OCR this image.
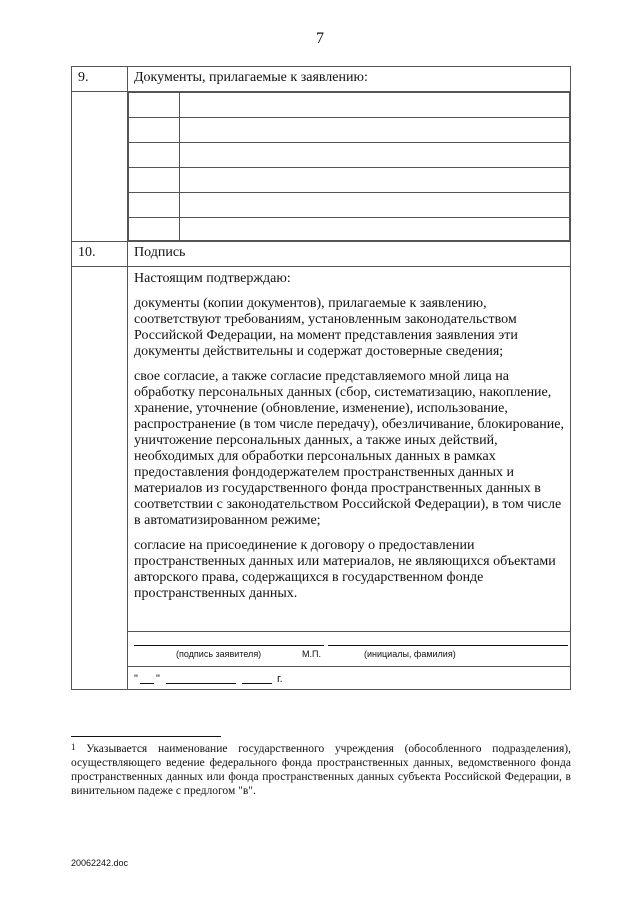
7
9.	Документы, прилагаемые к заявлению:

10.	Подпись

Настоящим подтверждаю:

документы (копии документов), прилагаемые к заявлению, соответствуют требованиям, установленным законодательством Российской Федерации, на момент представления заявления эти документы действительны и содержат достоверные сведения;

свое согласие, а также согласие представляемого мной лица на обработку персональных данных (сбор, систематизацию, накопление, хранение, уточнение (обновление, изменение), использование, распространение (в том числе передачу), обезличивание, блокирование, уничтожение персональных данных, а также иных действий, необходимых для обработки персональных данных в рамках предоставления фондодержателем пространственных данных и материалов из государственного фонда пространственных данных в соответствии с законодательством Российской Федерации), в том числе в автоматизированном режиме;

согласие на присоединение к договору о предоставлении пространственных данных или материалов, не являющихся объектами авторского права, содержащихся в государственном фонде пространственных данных.

(подпись заявителя)	М.П.	(инициалы, фамилия)

" "	г.
$^1$ Указывается наименование государственного учреждения (обособленного подразделения), осуществляющего ведение федерального фонда пространственных данных, ведомственного фонда пространственных данных или фонда пространственных данных субъекта Российской Федерации, в винительном падеже с предлогом "в".
20062242.doc
